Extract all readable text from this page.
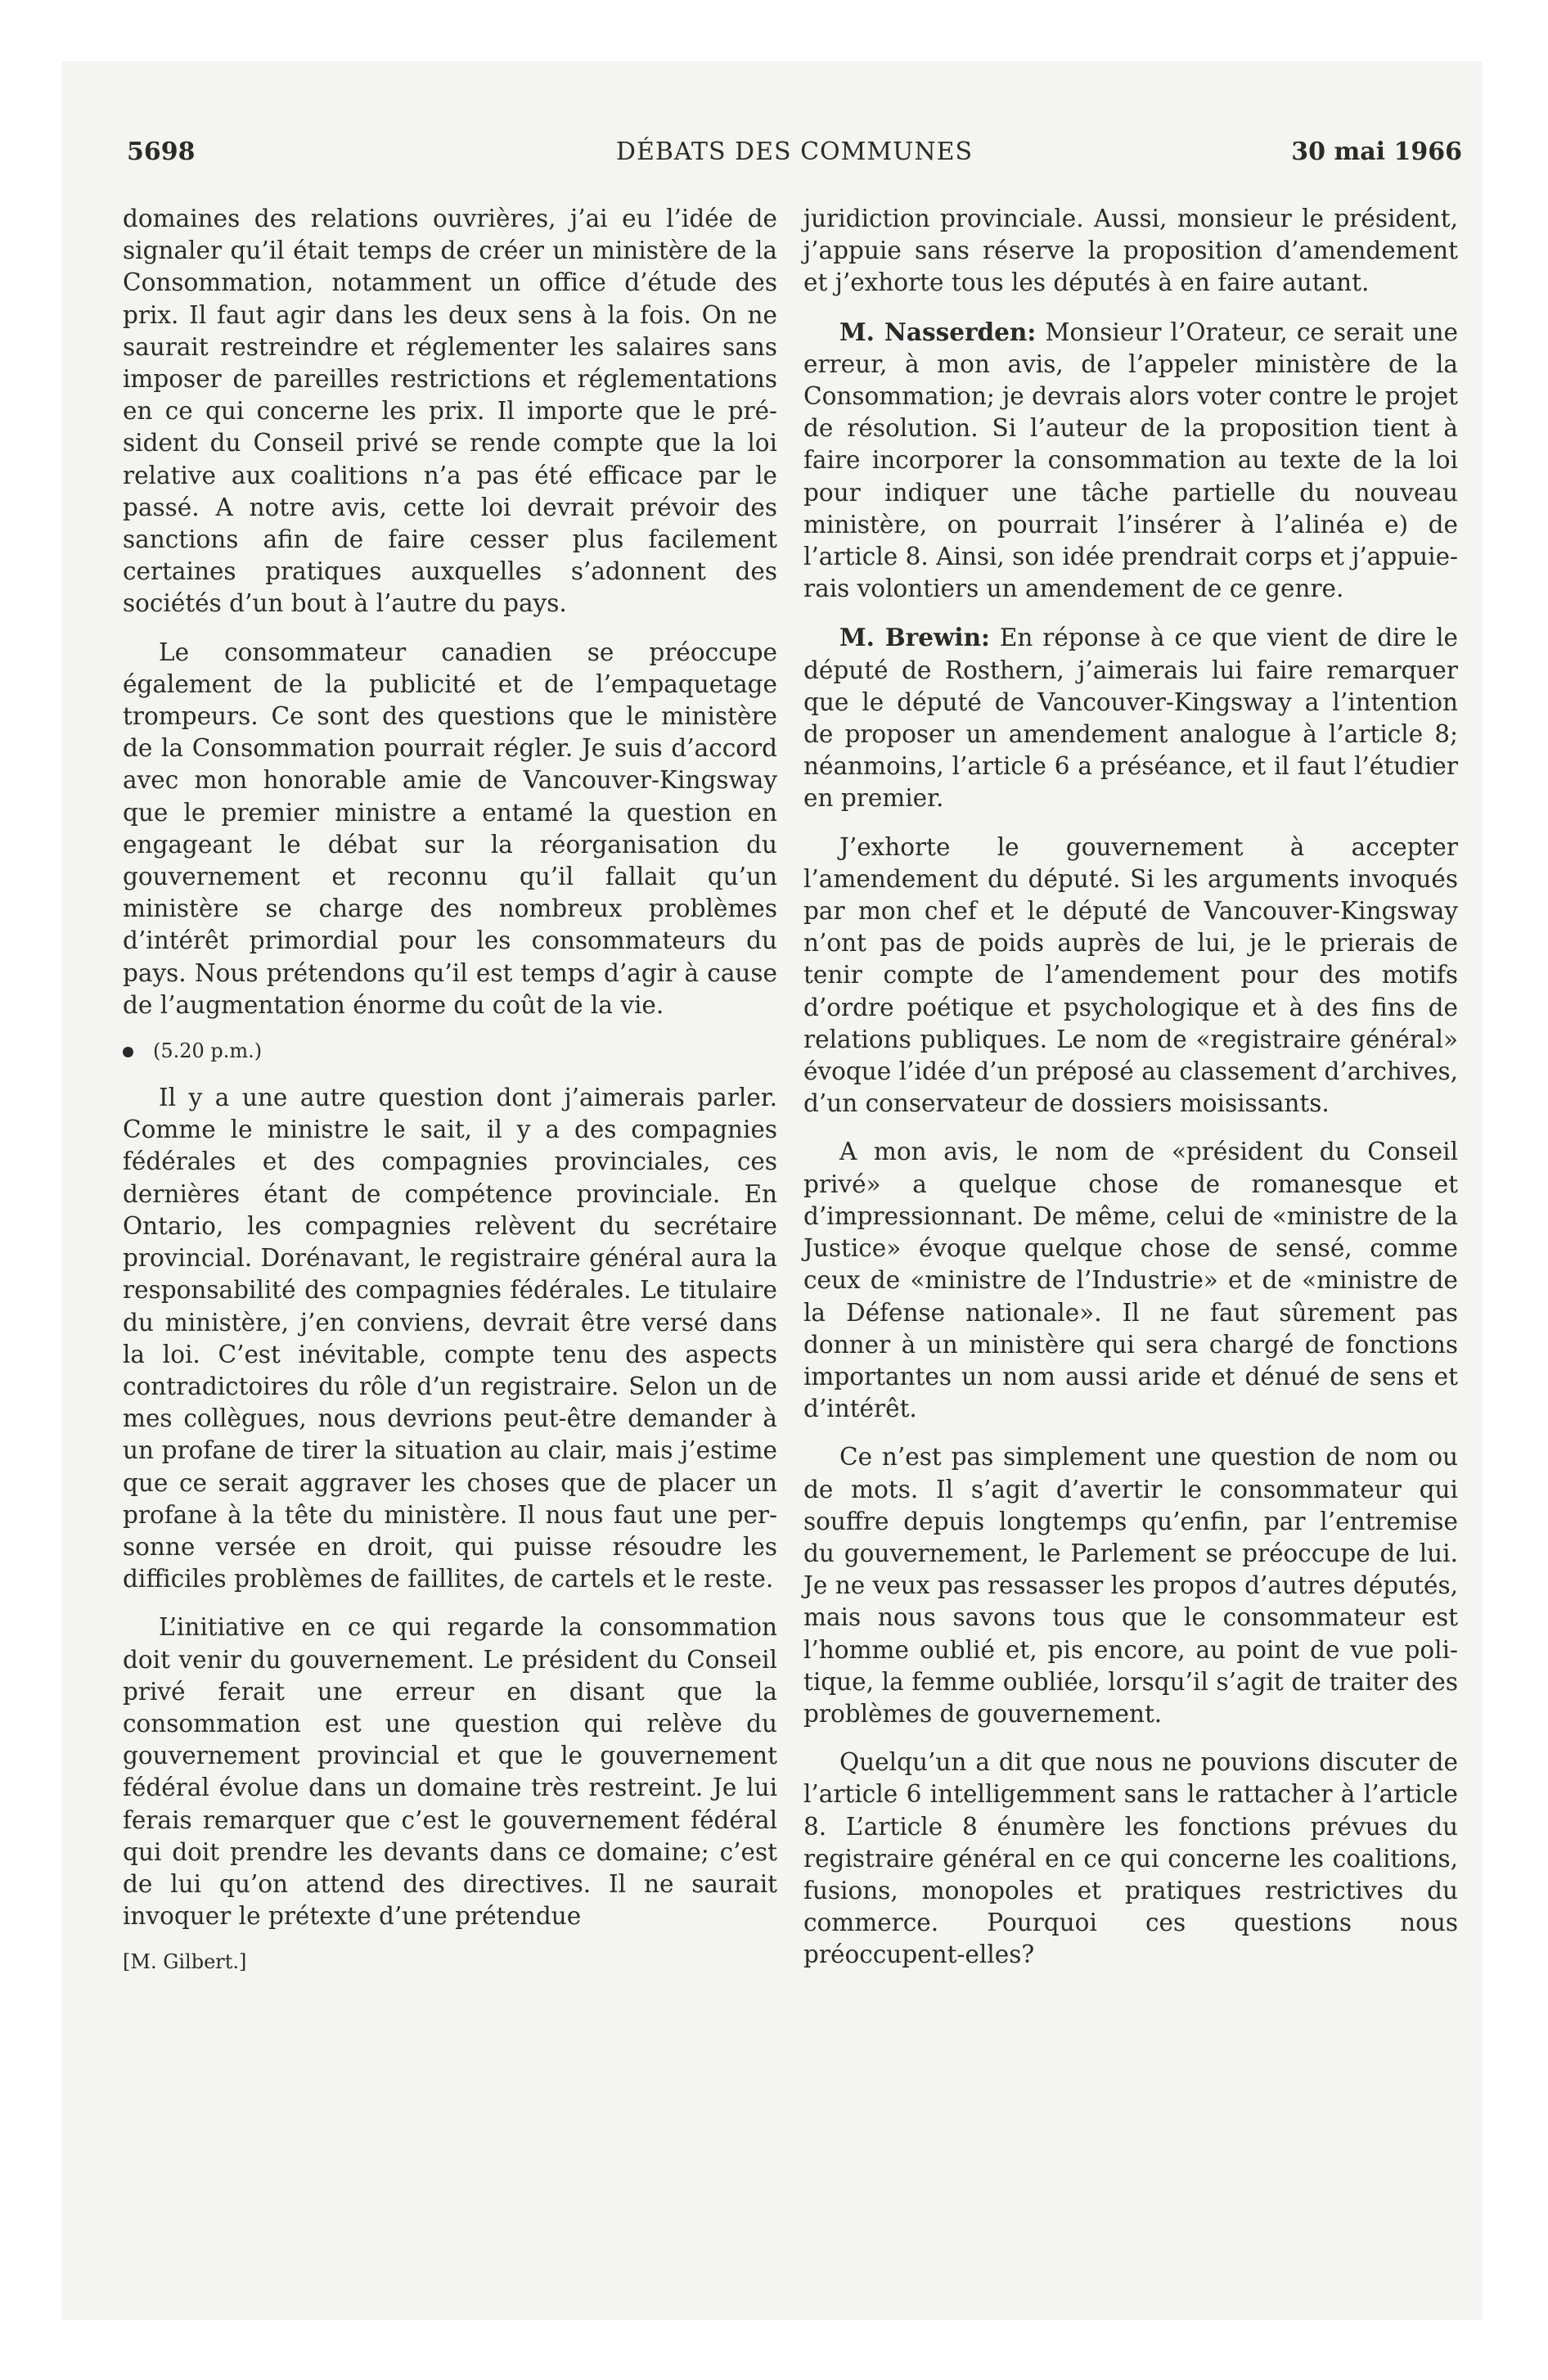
5698	DÉBATS DES COMMUNES	30 mai 1966

domaines des relations ouvrières, j’ai eu l’idée de signaler qu’il était temps de créer un ministère de la Consommation, notamment un office d’étude des prix. Il faut agir dans les deux sens à la fois. On ne saurait restreindre et réglementer les salaires sans imposer de pareilles restrictions et réglementations en ce qui concerne les prix. Il importe que le président du Conseil privé se rende compte que la loi relative aux coalitions n’a pas été efficace par le passé. A notre avis, cette loi devrait prévoir des sanctions afin de faire cesser plus facilement certaines pratiques auxquelles s’adonnent des sociétés d’un bout à l’autre du pays.

Le consommateur canadien se préoccupe également de la publicité et de l’empaquetage trompeurs. Ce sont des questions que le ministère de la Consommation pourrait régler. Je suis d’accord avec mon honorable amie de Vancouver-Kingsway que le premier ministre a entamé la question en engageant le débat sur la réorganisation du gouvernement et reconnu qu’il fallait qu’un ministère se charge des nombreux problèmes d’intérêt primordial pour les consommateurs du pays. Nous prétendons qu’il est temps d’agir à cause de l’augmentation énorme du coût de la vie.

(5.20 p.m.)

Il y a une autre question dont j’aimerais parler. Comme le ministre le sait, il y a des compagnies fédérales et des compagnies provinciales, ces dernières étant de compétence provinciale. En Ontario, les compagnies relèvent du secrétaire provincial. Dorénavant, le registraire général aura la responsabilité des compagnies fédérales. Le titulaire du ministère, j’en conviens, devrait être versé dans la loi. C’est inévitable, compte tenu des aspects contradictoires du rôle d’un registraire. Selon un de mes collègues, nous devrions peut-être demander à un profane de tirer la situation au clair, mais j’estime que ce serait aggraver les choses que de placer un profane à la tête du ministère. Il nous faut une personne versée en droit, qui puisse résoudre les difficiles problèmes de faillites, de cartels et le reste.

L’initiative en ce qui regarde la consommation doit venir du gouvernement. Le président du Conseil privé ferait une erreur en disant que la consommation est une question qui relève du gouvernement provincial et que le gouvernement fédéral évolue dans un domaine très restreint. Je lui ferais remarquer que c’est le gouvernement fédéral qui doit prendre les devants dans ce domaine; c’est de lui qu’on attend des directives. Il ne saurait invoquer le prétexte d’une prétendue

[M. Gilbert.]

juridiction provinciale. Aussi, monsieur le président, j’appuie sans réserve la proposition d’amendement et j’exhorte tous les députés à en faire autant.

M. Nasserden: Monsieur l’Orateur, ce serait une erreur, à mon avis, de l’appeler ministère de la Consommation; je devrais alors voter contre le projet de résolution. Si l’auteur de la proposition tient à faire incorporer la consommation au texte de la loi pour indiquer une tâche partielle du nouveau ministère, on pourrait l’insérer à l’alinéa e) de l’article 8. Ainsi, son idée prendrait corps et j’appuierais volontiers un amendement de ce genre.

M. Brewin: En réponse à ce que vient de dire le député de Rosthern, j’aimerais lui faire remarquer que le député de Vancouver-Kingsway a l’intention de proposer un amendement analogue à l’article 8; néanmoins, l’article 6 a préséance, et il faut l’étudier en premier.

J’exhorte le gouvernement à accepter l’amendement du député. Si les arguments invoqués par mon chef et le député de Vancouver-Kingsway n’ont pas de poids auprès de lui, je le prierais de tenir compte de l’amendement pour des motifs d’ordre poétique et psychologique et à des fins de relations publiques. Le nom de «registraire général» évoque l’idée d’un préposé au classement d’archives, d’un conservateur de dossiers moisissants.

A mon avis, le nom de «président du Conseil privé» a quelque chose de romanesque et d’impressionnant. De même, celui de «ministre de la Justice» évoque quelque chose de sensé, comme ceux de «ministre de l’Industrie» et de «ministre de la Défense nationale». Il ne faut sûrement pas donner à un ministère qui sera chargé de fonctions importantes un nom aussi aride et dénué de sens et d’intérêt.

Ce n’est pas simplement une question de nom ou de mots. Il s’agit d’avertir le consommateur qui souffre depuis longtemps qu’enfin, par l’entremise du gouvernement, le Parlement se préoccupe de lui. Je ne veux pas ressasser les propos d’autres députés, mais nous savons tous que le consommateur est l’homme oublié et, pis encore, au point de vue politique, la femme oubliée, lorsqu’il s’agit de traiter des problèmes de gouvernement.

Quelqu’un a dit que nous ne pouvions discuter de l’article 6 intelligemment sans le rattacher à l’article 8. L’article 8 énumère les fonctions prévues du registraire général en ce qui concerne les coalitions, fusions, monopoles et pratiques restrictives du commerce. Pourquoi ces questions nous préoccupent-elles?
